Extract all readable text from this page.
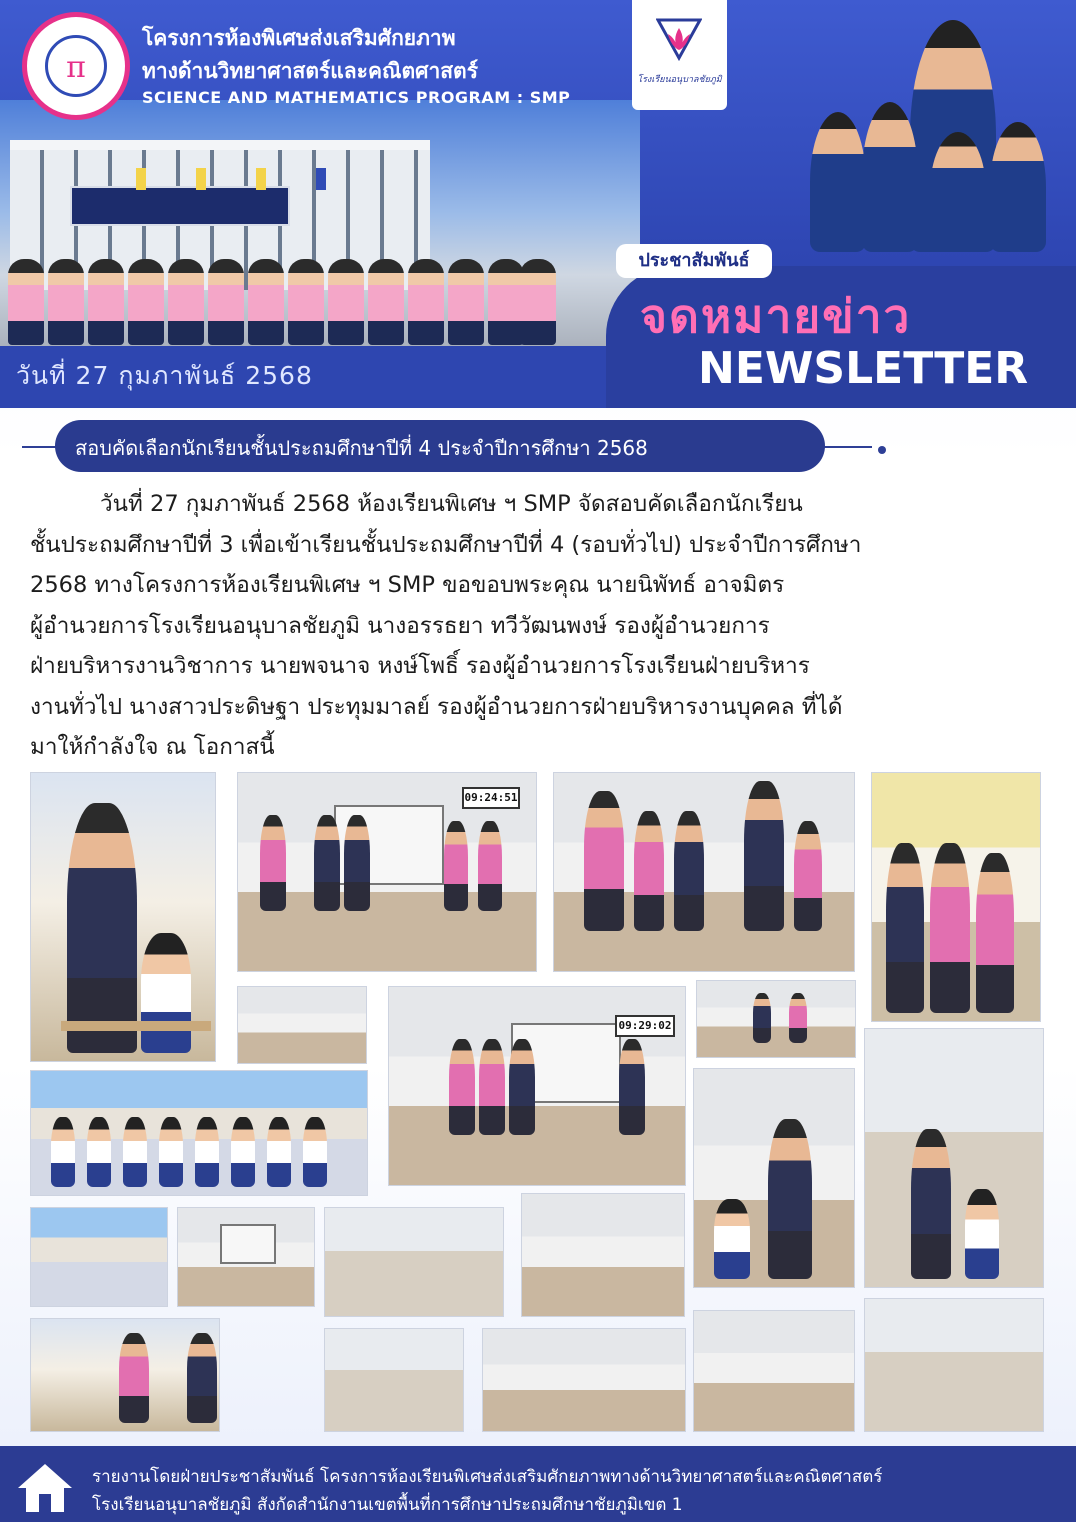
วันที่ 27 กุมภาพันธ์ 2568
π
โครงการห้องพิเศษส่งเสริมศักยภาพ
ทางด้านวิทยาศาสตร์และคณิตศาสตร์
SCIENCE AND MATHEMATICS PROGRAM : SMP
โรงเรียนอนุบาลชัยภูมิ
ประชาสัมพันธ์
จดหมายข่าว
NEWSLETTER
สอบคัดเลือกนักเรียนชั้นประถมศึกษาปีที่ 4 ประจำปีการศึกษา 2568
วันที่ 27 กุมภาพันธ์ 2568 ห้องเรียนพิเศษ ฯ SMP จัดสอบคัดเลือกนักเรียน
ชั้นประถมศึกษาปีที่ 3 เพื่อเข้าเรียนชั้นประถมศึกษาปีที่ 4 (รอบทั่วไป) ประจำปีการศึกษา
2568 ทางโครงการห้องเรียนพิเศษ ฯ SMP ขอขอบพระคุณ นายนิพัทธ์ อาจมิตร
ผู้อำนวยการโรงเรียนอนุบาลชัยภูมิ นางอรรธยา ทวีวัฒนพงษ์ รองผู้อำนวยการ
ฝ่ายบริหารงานวิชาการ นายพจนาจ หงษ์โพธิ์ รองผู้อำนวยการโรงเรียนฝ่ายบริหาร
งานทั่วไป นางสาวประดิษฐา ประทุมมาลย์ รองผู้อำนวยการฝ่ายบริหารงานบุคคล ที่ได้
มาให้กำลังใจ ณ โอกาสนี้
09:24:51
09:29:02
รายงานโดยฝ่ายประชาสัมพันธ์ โครงการห้องเรียนพิเศษส่งเสริมศักยภาพทางด้านวิทยาศาสตร์และคณิตศาสตร์
โรงเรียนอนุบาลชัยภูมิ สังกัดสำนักงานเขตพื้นที่การศึกษาประถมศึกษาชัยภูมิเขต 1
